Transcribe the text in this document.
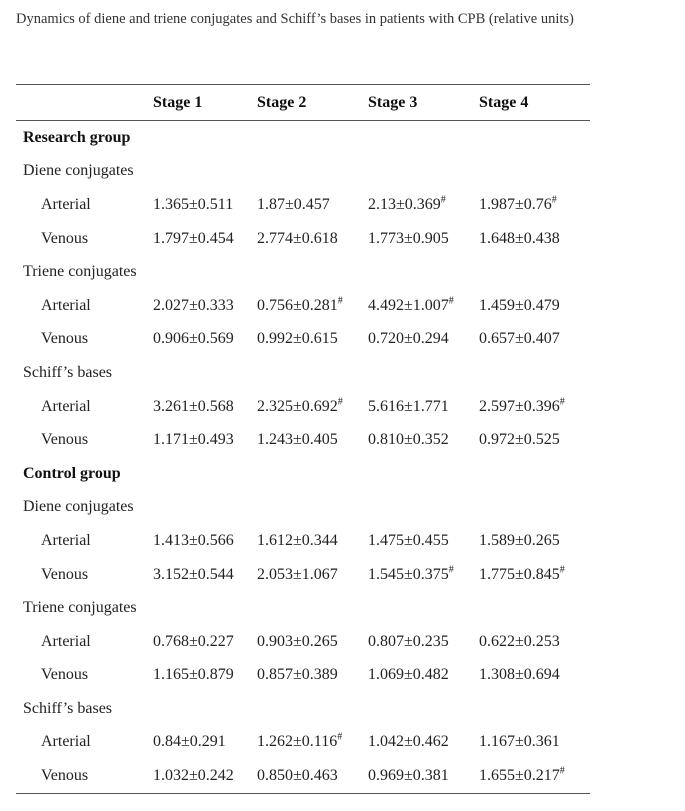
Dynamics of diene and triene conjugates and Schiff’s bases in patients with CPB (relative units)
	Stage 1	Stage 2	Stage 3	Stage 4
Research group				
Diene conjugates				
Arterial	1.365±0.511	1.87±0.457	2.13±0.369#	1.987±0.76#
Venous	1.797±0.454	2.774±0.618	1.773±0.905	1.648±0.438
Triene conjugates				
Arterial	2.027±0.333	0.756±0.281#	4.492±1.007#	1.459±0.479
Venous	0.906±0.569	0.992±0.615	0.720±0.294	0.657±0.407
Schiff’s bases				
Arterial	3.261±0.568	2.325±0.692#	5.616±1.771	2.597±0.396#
Venous	1.171±0.493	1.243±0.405	0.810±0.352	0.972±0.525
Control group				
Diene conjugates				
Arterial	1.413±0.566	1.612±0.344	1.475±0.455	1.589±0.265
Venous	3.152±0.544	2.053±1.067	1.545±0.375#	1.775±0.845#
Triene conjugates				
Arterial	0.768±0.227	0.903±0.265	0.807±0.235	0.622±0.253
Venous	1.165±0.879	0.857±0.389	1.069±0.482	1.308±0.694
Schiff’s bases				
Arterial	0.84±0.291	1.262±0.116#	1.042±0.462	1.167±0.361
Venous	1.032±0.242	0.850±0.463	0.969±0.381	1.655±0.217#
